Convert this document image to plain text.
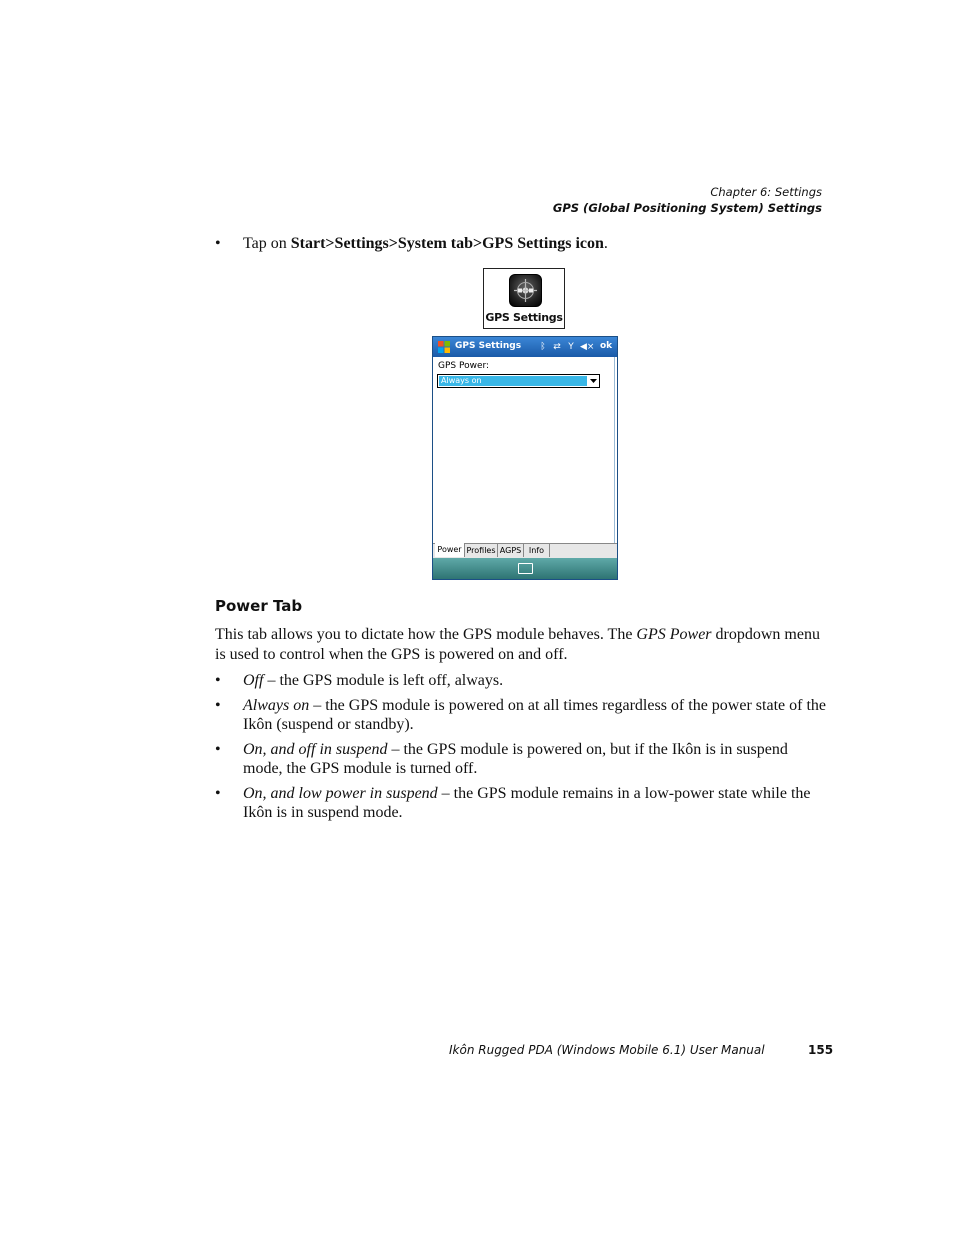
Chapter 6: Settings
GPS (Global Positioning System) Settings
• Tap on Start>Settings>System tab>GPS Settings icon.
GPS Settings
GPS Settings	ᛒ ⇄ Y ◀× ok
GPS Power:
Always on
Power Profiles AGPS Info
Power Tab
This tab allows you to dictate how the GPS module behaves. The GPS Power dropdown menu is used to control when the GPS is powered on and off.
• Off – the GPS module is left off, always.
• Always on – the GPS module is powered on at all times regardless of the power state of the Ikôn (suspend or standby).
• On, and off in suspend – the GPS module is powered on, but if the Ikôn is in suspend mode, the GPS module is turned off.
• On, and low power in suspend – the GPS module remains in a low-power state while the Ikôn is in suspend mode.
Ikôn Rugged PDA (Windows Mobile 6.1) User Manual	155
